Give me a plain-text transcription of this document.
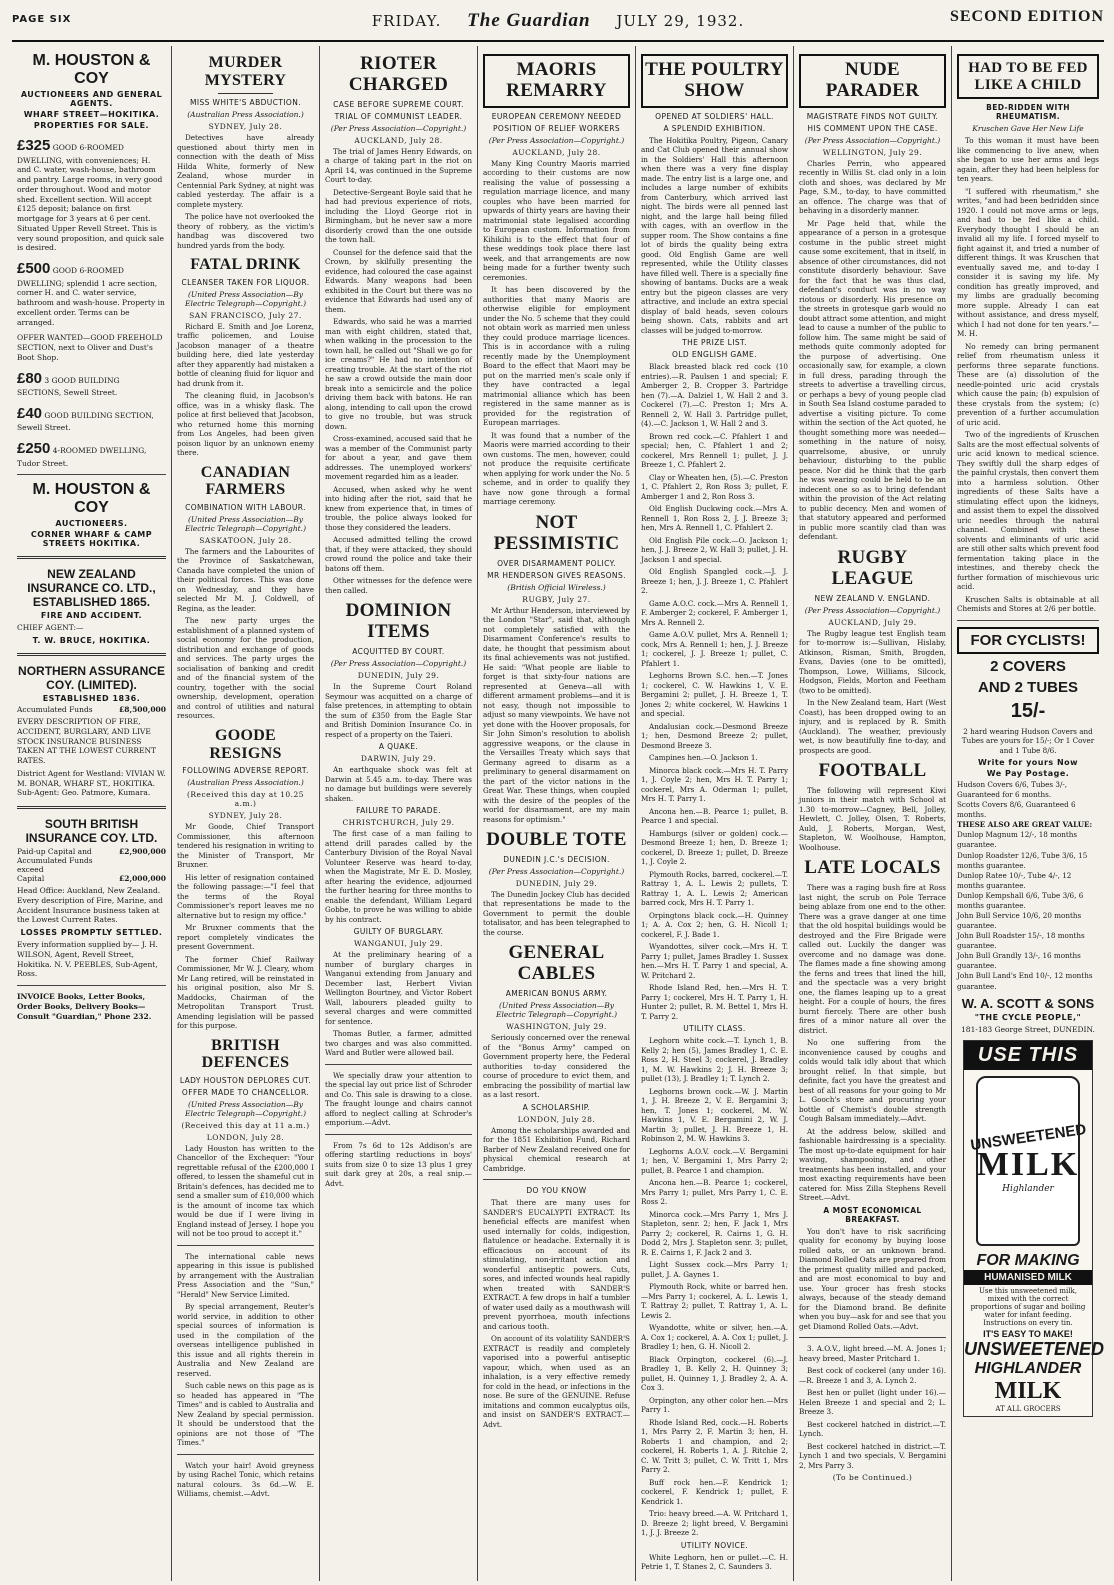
PAGE SIX	FRIDAY. The Guardian JULY 29, 1932.	SECOND EDITION
M. HOUSTON & COY
AUCTIONEERS AND GENERAL AGENTS.
WHARF STREET—HOKITIKA.
PROPERTIES FOR SALE.
£325 GOOD 6-ROOMED DWELLING, with conveniences; H. and C. water, wash-house, bathroom and pantry. Large rooms, in very good order throughout. Wood and motor shed. Excellent section. Will accept £125 deposit; balance on first mortgage for 3 years at 6 per cent. Situated Upper Revell Street. This is very sound proposition, and quick sale is desired.
£500 GOOD 6-ROOMED DWELLING; splendid 1 acre section, corner H. and C. water service, bathroom and wash-house. Property in excellent order. Terms can be arranged.
OFFER WANTED—GOOD FREEHOLD SECTION, next to Oliver and Dust's Boot Shop.
£80 3 GOOD BUILDING SECTIONS, Sewell Street.
£40 GOOD BUILDING SECTION, Sewell Street.
£250 4-ROOMED DWELLING, Tudor Street.
M. HOUSTON & COY
AUCTIONEERS.
CORNER WHARF & CAMP STREETS HOKITIKA.
NEW ZEALAND INSURANCE CO. LTD., ESTABLISHED 1865.
FIRE AND ACCIDENT.
CHIEF AGENT:—
T. W. BRUCE, HOKITIKA.
NORTHERN ASSURANCE COY. (LIMITED).
ESTABLISHED 1836.
Accumulated Funds	£8,500,000
EVERY DESCRIPTION OF FIRE, ACCIDENT, BURGLARY, AND LIVE STOCK INSURANCE BUSINESS TAKEN AT THE LOWEST CURRENT RATES.
District Agent for Westland: VIVIAN W. M. BONAR, WHARF ST., HOKITIKA. Sub-Agent: Geo. Patmore, Kumara.
SOUTH BRITISH INSURANCE COY. LTD.
Paid-up Capital and Accumulated Funds exceed
£2,900,000
Capital	£2,000,000
Head Office: Auckland, New Zealand. Every description of Fire, Marine, and Accident Insurance business taken at the Lowest Current Rates.
LOSSES PROMPTLY SETTLED.
Every information supplied by— J. H. WILSON, Agent, Revell Street, Hokitika. N. V. PEEBLES, Sub-Agent, Ross.
INVOICE Books, Letter Books, Order Books, Delivery Books—Consult "Guardian," Phone 232.
MURDER MYSTERY
MISS WHITE'S ABDUCTION.
(Australian Press Association.)
SYDNEY, July 28.

Detectives have already questioned about thirty men in connection with the death of Miss Hilda White, formerly of New Zealand, whose murder in Centennial Park Sydney, at night was cabled yesterday. The affair is a complete mystery.

The police have not overlooked the theory of robbery, as the victim's handbag was discovered two hundred yards from the body.

FATAL DRINK
CLEANSER TAKEN FOR LIQUOR.
(United Press Association—By Electric Telegraph—Copyright.)
SAN FRANCISCO, July 27.

Richard E. Smith and Joe Lorenz, traffic policemen, and Louise Jacobson manager of a theatre building here, died late yesterday after they apparently had mistaken a bottle of cleaning fluid for liquor and had drunk from it.

The cleaning fluid, in Jacobson's office, was in a whisky flask. The police at first believed that Jacobson, who returned home this morning from Los Angeles, had been given poison liquor by an unknown enemy there.

CANADIAN FARMERS
COMBINATION WITH LABOUR.
(United Press Association—By Electric Telegraph—Copyright.)
SASKATOON, July 28.

The farmers and the Labourites of the Province of Saskatchewan, Canada have completed the union of their political forces. This was done on Wednesday, and they have selected Mr M. J. Coldwell, of Regina, as the leader.

The new party urges the establishment of a planned system of social economy for the production, distribution and exchange of goods and services. The party urges the socialisation of banking and credit and of the financial system of the country, together with the social ownership, development, operation and control of utilities and natural resources.

GOODE RESIGNS
FOLLOWING ADVERSE REPORT.
(Australian Press Association.)
(Received this day at 10.25 a.m.)
SYDNEY, July 28.

Mr Goode, Chief Transport Commissioner, this afternoon tendered his resignation in writing to the Minister of Transport, Mr Bruxner.

His letter of resignation contained the following passage:—"I feel that the terms of the Royal Commissioner's report leaves me no alternative but to resign my office."

Mr Bruxner comments that the report completely vindicates the present Government.

The former Chief Railway Commissioner, Mr W. J. Cleary, whom Mr Lang retired, will be reinstated in his original position, also Mr S. Maddocks, Chairman of the Metropolitan Transport Trust. Amending legislation will be passed for this purpose.

BRITISH DEFENCES
LADY HOUSTON DEPLORES CUT.
OFFER MADE TO CHANCELLOR.
(United Press Association—By Electric Telegraph—Copyright.)
(Received this day at 11 a.m.)
LONDON, July 28.

Lady Houston has written to the Chancellor of the Exchequer: "Your regrettable refusal of the £200,000 I offered, to lessen the shameful cut in Britain's defences, has decided me to send a smaller sum of £10,000 which is the amount of income tax which would be due if I were living in England instead of Jersey. I hope you will not be too proud to accept it."

The international cable news appearing in this issue is published by arrangement with the Australian Press Association and the "Sun," "Herald" New Service Limited.

By special arrangement, Reuter's world service, in addition to other special sources of information is used in the compilation of the overseas intelligence published in this issue and all rights therein in Australia and New Zealand are reserved.

Such cable news on this page as is so headed has appeared in "The Times" and is cabled to Australia and New Zealand by special permission. It should be understood that the opinions are not those of "The Times."

Watch your hair! Avoid greyness by using Rachel Tonic, which retains natural colours. 3s 6d.—W. E. Williams, chemist.—Advt.

RIOTER CHARGED
CASE BEFORE SUPREME COURT.
TRIAL OF COMMUNIST LEADER.
(Per Press Association—Copyright.)
AUCKLAND, July 28.

The trial of James Henry Edwards, on a charge of taking part in the riot on April 14, was continued in the Supreme Court to-day.

Detective-Sergeant Boyle said that he had had previous experience of riots, including the Lloyd George riot in Birmingham, but he never saw a more disorderly crowd than the one outside the town hall.

Counsel for the defence said that the Crown, by skilfully presenting the evidence, had coloured the case against Edwards. Many weapons had been exhibited in the Court but there was no evidence that Edwards had used any of them.

Edwards, who said he was a married man with eight children, stated that, when walking in the procession to the town hall, he called out "Shall we go for ice creams?" He had no intention of creating trouble. At the start of the riot he saw a crowd outside the main door break into a semicircle and the police driving them back with batons. He ran along, intending to call upon the crowd to give no trouble, but was struck down.

Cross-examined, accused said that he was a member of the Communist party for about a year, and gave them addresses. The unemployed workers' movement regarded him as a leader.

Accused, when asked why he went into hiding after the riot, said that he knew from experience that, in times of trouble, the police always looked for those they considered the leaders.

Accused admitted telling the crowd that, if they were attacked, they should crowd round the police and take their batons off them.

Other witnesses for the defence were then called.

DOMINION ITEMS
ACQUITTED BY COURT.
(Per Press Association—Copyright.)
DUNEDIN, July 29.

In the Supreme Court Roland Seymour was acquitted on a charge of false pretences, in attempting to obtain the sum of £350 from the Eagle Star and British Dominion Insurance Co. in respect of a property on the Taieri.

A QUAKE.
DARWIN, July 29.

An earthquake shock was felt at Darwin at 5.45 a.m. to-day. There was no damage but buildings were severely shaken.

FAILURE TO PARADE.
CHRISTCHURCH, July 29.

The first case of a man failing to attend drill parades called by the Canterbury Division of the Royal Naval Volunteer Reserve was heard to-day, when the Magistrate, Mr E. D. Mosley, after hearing the evidence, adjourned the further hearing for three months to enable the defendant, William Legard Gobbe, to prove he was willing to abide by his contract.

GUILTY OF BURGLARY.
WANGANUI, July 29.

At the preliminary hearing of a number of burglary charges in Wanganui extending from January and December last, Herbert Vivian Wellington Bourtney, and Victor Robert Wall, labourers pleaded guilty to several charges and were committed for sentence.

Thomas Butler, a farmer, admitted two charges and was also committed. Ward and Butler were allowed bail.

We specially draw your attention to the special lay out price list of Schroder and Co. This sale is drawing to a close. The fraught lounge and chairs cannot afford to neglect calling at Schroder's emporium.—Advt.

From 7s 6d to 12s Addison's are offering startling reductions in boys' suits from size 0 to size 13 plus 1 grey suit dark grey at 20s, a real snip.—Advt.

MAORIS REMARRY
EUROPEAN CEREMONY NEEDED
POSITION OF RELIEF WORKERS
(Per Press Association—Copyright.)
AUCKLAND, July 28.

Many King Country Maoris married according to their customs are now realising the value of possessing a regulation marriage licence, and many couples who have been married for upwards of thirty years are having their matrimonial state legalised according to European custom. Information from Kihikihi is to the effect that four of these weddings took place there last week, and that arrangements are now being made for a further twenty such ceremonies.

It has been discovered by the authorities that many Maoris are otherwise eligible for employment under the No. 5 scheme that they could not obtain work as married men unless they could produce marriage licences. This is in accordance with a ruling recently made by the Unemployment Board to the effect that Maori may be put on the married men's scale only if they have contracted a legal matrimonial alliance which has been registered in the same manner as is provided for the registration of European marriages.

It was found that a number of the Maoris were married according to their own customs. The men, however, could not produce the requisite certificate when applying for work under the No. 5 scheme, and in order to qualify they have now gone through a formal marriage ceremony.

NOT PESSIMISTIC
OVER DISARMAMENT POLICY.
MR HENDERSON GIVES REASONS.
(British Official Wireless.)
RUGBY, July 27.

Mr Arthur Henderson, interviewed by the London "Star", said that, although not completely satisfied with the Disarmament Conference's results to date, he thought that pessimism about its final achievements was not justified. He said: "What people are liable to forget is that sixty-four nations are represented at Geneva—all with different armament problems—and it is not easy, though not impossible to adjust so many viewpoints. We have not yet done with the Hoover proposals, for Sir John Simon's resolution to abolish aggressive weapons, or the clause in the Versailles Treaty which says that Germany agreed to disarm as a preliminary to general disarmament on the part of the victor nations in the Great War. These things, when coupled with the desire of the peoples of the world for disarmament, are my main reasons for optimism."

DOUBLE TOTE
DUNEDIN J.C.'s DECISION.
(Per Press Association—Copyright.)
DUNEDIN, July 29.

The Dunedin Jockey Club has decided that representations be made to the Government to permit the double totalisator, and has been telegraphed to the course.

GENERAL CABLES
AMERICAN BONUS ARMY.
(United Press Association—By Electric Telegraph—Copyright.)
WASHINGTON, July 29.

Seriously concerned over the renewal of the "Bonus Army" camped on Government property here, the Federal authorities to-day considered the course of procedure to evict them, and embracing the possibility of martial law as a last resort.

A SCHOLARSHIP.
LONDON, July 28.

Among the scholarships awarded and for the 1851 Exhibition Fund, Richard Barber of New Zealand received one for physical chemical research at Cambridge.

DO YOU KNOW

That there are many uses for SANDER'S EUCALYPTI EXTRACT. Its beneficial effects are manifest when used internally for colds, indigestion, flatulence or headache. Externally it is efficacious on account of its stimulating, non-irritant action and wonderful antiseptic powers. Cuts, sores, and infected wounds heal rapidly when treated with SANDER'S EXTRACT. A few drops in half a tumbler of water used daily as a mouthwash will prevent pyorrhoea, mouth infections and carious tooth.

On account of its volatility SANDER'S EXTRACT is readily and completely vaporised into a powerful antiseptic vapour, which, when used as an inhalation, is a very effective remedy for cold in the head, or infections in the nose. Be sure of the GENUINE. Refuse imitations and common eucalyptus oils, and insist on SANDER'S EXTRACT.—Advt.

THE POULTRY SHOW
OPENED AT SOLDIERS' HALL.
A SPLENDID EXHIBITION.

The Hokitika Poultry, Pigeon, Canary and Cat Club opened their annual show in the Soldiers' Hall this afternoon when there was a very fine display made. The entry list is a large one, and includes a large number of exhibits from Canterbury, which arrived last night. The birds were all penned last night, and the large hall being filled with cages, with an overflow in the supper room. The Show contains a fine lot of birds the quality being extra good. Old English Game are well represented, while the Utility classes have filled well. There is a specially fine showing of bantams. Ducks are a weak entry but the pigeon classes are very attractive, and include an extra special display of bald heads, seven colours being shown. Cats, rabbits and art classes will be judged to-morrow.

THE PRIZE LIST.
OLD ENGLISH GAME.

Black breasted black red cock (10 entries).—R. Paulsen 1 and special; F. Amberger 2, B. Cropper 3. Partridge hen (7).—A. Dalziel 1, W. Hall 2 and 3. Cockerel (7).—C. Preston 1; Mrs A. Rennell 2, W. Hall 3. Partridge pullet, (4).—C. Jackson 1, W. Hall 2 and 3.

Brown red cock.—C. Pfahlert 1 and special; hen, C. Pfahlert 1 and 2; cockerel, Mrs Rennell 1; pullet, J. J. Breeze 1, C. Pfahlert 2.

Clay or Wheaten hen, (5).—C. Preston 1, C. Pfahlert 2, Ron Ross 3; pullet, F. Amberger 1 and 2, Ron Ross 3.

Old English Duckwing cock.—Mrs A. Rennell 1, Ron Ross 2, J. J. Breeze 3; hen, Mrs A. Rennell 1, C. Pfahlert 2.

Old English Pile cock.—O. Jackson 1; hen, J. J. Breeze 2, W. Hall 3; pullet, J. H. Jackson 1 and special.

Old English Spangled cock.—J. J. Breeze 1; hen, J. J. Breeze 1, C. Pfahlert 2.

Game A.O.C. cock.—Mrs A. Rennell 1, F. Amberger 2; cockerel, F. Amberger 1, Mrs A. Rennell 2.

Game A.O.V. pullet, Mrs A. Rennell 1; cock, Mrs A. Rennell 1; hen, J. J. Breeze 1; cockerel, J. J. Breeze 1; pullet, C. Pfahlert 1.

Leghorns Brown S.C. hen.—T. Jones 1; cockerel, C. W. Hawkins 1, V. E. Bergamini 2; pullet, J. H. Breeze 1, T. Jones 2; white cockerel, W. Hawkins 1 and special.

Andalusian cock.—Desmond Breeze 1; hen, Desmond Breeze 2; pullet, Desmond Breeze 3.

Campines hen.—O. Jackson 1.

Minorca black cock.—Mrs H. T. Parry 1, J. Coyle 2; hen, Mrs H. T. Parry 1; cockerel, Mrs A. Oderman 1; pullet, Mrs H. T. Parry 1.

Ancona hen.—B. Pearce 1; pullet, B. Pearce 1 and special.

Hamburgs (silver or golden) cock.—Desmond Breeze 1; hen, D. Breeze 1; cockerel, D. Breeze 1; pullet, D. Breeze 1, J. Coyle 2.

Plymouth Rocks, barred, cockerel.—T. Rattray 1, A. L. Lewis 2; pullets, T. Rattray 1, A. L. Lewis 2; American barred cock, Mrs H. T. Parry 1.

Orpingtons black cock.—H. Quinney 1; A. A. Cox 2; hen, G. H. Nicoll 1; cockerel, F. J. Bade 1.

Wyandottes, silver cock.—Mrs H. T. Parry 1; pullet, James Bradley 1. Sussex hen.—Mrs H. T. Parry 1 and special, A. W. Pritchard 2.

Rhode Island Red, hen.—Mrs H. T. Parry 1; cockerel, Mrs H. T. Parry 1, H. Hunter 2; pullet, R. M. Bettel 1, Mrs H. T. Parry 2.

UTILITY CLASS.

Leghorn white cock.—T. Lynch 1, B. Kelly 2; hen (5), James Bradley 1, C. E. Ross 2, H. Steel 3; cockerel, J. Bradley 1, M. W. Hawkins 2; J. H. Breeze 3; pullet (13), J. Bradley 1; T. Lynch 2.

Leghorns brown cock.—W. J. Martin 1, J. H. Breeze 2, V. E. Bergamini 3; hen, T. Jones 1; cockerel, M. W. Hawkins 1, V. E. Bergamini 2, W. J. Martin 3; pullet, J. H. Breeze 1, H. Robinson 2, M. W. Hawkins 3.

Leghorns A.O.V. cock.—V. Bergamini 1; hen, V. Bergamini 1, Mrs Parry 2; pullet, B. Pearce 1 and champion.

Ancona hen.—B. Pearce 1; cockerel, Mrs Parry 1; pullet, Mrs Parry 1, C. E. Ross 2.

Minorca cock.—Mrs Parry 1, Mrs J. Stapleton, senr. 2; hen, F. Jack 1, Mrs Parry 2; cockerel, R. Cairns 1, G. H. Dodd 2, Mrs J. Stapleton senr. 3; pullet, R. E. Cairns 1, F. Jack 2 and 3.

Light Sussex cock.—Mrs Parry 1; pullet, J. A. Gaynes 1.

Plymouth Rock, white or barred hen.—Mrs Parry 1; cockerel, A. L. Lewis 1, T. Rattray 2; pullet, T. Rattray 1, A. L. Lewis 2.

Wyandotte, white or silver, hen.—A. A. Cox 1; cockerel, A. A. Cox 1; pullet, J. Bradley 1; hen, G. H. Nicoll 2.

Black Orpington, cockerel (6).—J. Bradley 1, B. Kelly 2, H. Quinney 3; pullet, H. Quinney 1, J. Bradley 2, A. A. Cox 3.

Orpington, any other color hen.—Mrs Parry 1.

Rhode Island Red, cock.—H. Roberts 1, Mrs Parry 2, F. Martin 3; hen, H. Roberts 1 and champion, and 2; cockerel, H. Roberts 1, A. J. Ritchie 2, C. W. Tritt 3; pullet, C. W. Tritt 1, Mrs Parry 2.

Buff rock hen.—F. Kendrick 1; cockerel, F. Kendrick 1; pullet, F. Kendrick 1.

Trio: heavy breed.—A. W. Pritchard 1, D. Breeze 2; light breed, V. Bergamini 1, J. J. Breeze 2.

UTILITY NOVICE.

White Leghorn, hen or pullet.—C. H. Petrie 1, T. Stanes 2, C. Saunders 3.

NUDE PARADER
MAGISTRATE FINDS NOT GUILTY.
HIS COMMENT UPON THE CASE.
(Per Press Association—Copyright.)
WELLINGTON, July 29.

Charles Perrin, who appeared recently in Willis St. clad only in a loin cloth and shoes, was declared by Mr Page, S.M., to-day, to have committed an offence. The charge was that of behaving in a disorderly manner.

Mr Page held that, while the appearance of a person in a grotesque costume in the public street might cause some excitement, that in itself, in absence of other circumstances, did not constitute disorderly behaviour. Save for the fact that he was thus clad, defendant's conduct was in no way riotous or disorderly. His presence on the streets in grotesque garb would no doubt attract some attention, and might lead to cause a number of the public to follow him. The same might be said of methods quite commonly adopted for the purpose of advertising. One occasionally saw, for example, a clown in full dress, parading through the streets to advertise a travelling circus, or perhaps a bevy of young people clad in South Sea Island costume paraded to advertise a visiting picture. To come within the section of the Act quoted, he thought something more was needed—something in the nature of noisy, quarrelsome, abusive, or unruly behaviour, disturbing to the public peace. Nor did he think that the garb he was wearing could be held to be an indecent one so as to bring defendant within the provision of the Act relating to public decency. Men and women of that statutory appeared and performed in public more scantily clad than was defendant.

RUGBY LEAGUE
NEW ZEALAND V. ENGLAND.
(Per Press Association—Copyright.)
AUCKLAND, July 29.

The Rugby league test English team for to-morrow is:—Sullivan, Hislaby, Atkinson, Risman, Smith, Brogden, Evans, Davies (one to be omitted), Thompson, Lowe, Williams, Silcock, Hodgson, Fields, Morton and Feetham (two to be omitted).

In the New Zealand team, Hart (West Coast), has been dropped owing to an injury, and is replaced by R. Smith (Auckland). The weather, previously wet, is now beautifully fine to-day, and prospects are good.

FOOTBALL

The following will represent Kiwi juniors in their match with School at 1.30 to-morrow—Cagney, Bell, Jolley, Hewlett, C. Jolley, Olsen, T. Roberts, Auld, J. Roberts, Morgan, West, Stapleton, W. Woolhouse, Hampton, Woolhouse.

LATE LOCALS

There was a raging bush fire at Ross last night, the scrub on Pole Terrace being ablaze from one end to the other. There was a grave danger at one time that the old hospital buildings would be destroyed and the Fire Brigade were called out. Luckily the danger was overcome and no damage was done. The flames made a fine showing among the ferns and trees that lined the hill, and the spectacle was a very bright one, the flames leaping up to a great height. For a couple of hours, the fires burnt fiercely. There are other bush fires of a minor nature all over the district.

No one suffering from the inconvenience caused by coughs and colds would talk idly about that which brought relief. In that simple, but definite, fact you have the greatest and best of all reasons for your going to Mr L. Gooch's store and procuring your bottle of Chemist's double strength Cough Balsam immediately.—Advt.

At the address below, skilled and fashionable hairdressing is a speciality. The most up-to-date equipment for hair waving, shampooing, and other treatments has been installed, and your most exacting requirements have been catered for. Miss Zilla Stephens Revell Street.—Advt.

A MOST ECONOMICAL BREAKFAST.

You don't have to risk sacrificing quality for economy by buying loose rolled oats, or an unknown brand. Diamond Rolled Oats are prepared from the primest quality milled and packed, and are most economical to buy and use. Your grocer has fresh stocks always, because of the steady demand for the Diamond brand. Be definite when you buy—ask for and see that you get Diamond Rolled Oats.—Advt.

3. A.O.V., light breed.—M. A. Jones 1; heavy breed, Master Pritchard 1.

Best cock of cockerel (any under 16). —R. Breeze 1 and 3, A. Lynch 2.

Best hen or pullet (light under 16).—Helen Breeze 1 and special and 2; L. Breeze 3.

Best cockerel hatched in district.—T. Lynch.

Best cockerel hatched in district.—T. Lynch 1 and two specials, V. Bergamini 2, Mrs Parry 3.

(To be Continued.)
HAD TO BE FED LIKE A CHILD
BED-RIDDEN WITH RHEUMATISM.
Kruschen Gave Her New Life

To this woman it must have been like commencing to live anew, when she began to use her arms and legs again, after they had been helpless for ten years.

"I suffered with rheumatism," she writes, "and had been bedridden since 1920. I could not move arms or legs, and had to be fed like a child. Everybody thought I should be an invalid all my life. I forced myself to fight against it, and tried a number of different things. It was Kruschen that eventually saved me, and to-day I consider it is saving my life. My condition has greatly improved, and my limbs are gradually becoming more supple. Already I can eat without assistance, and dress myself, which I had not done for ten years."—M. H.

No remedy can bring permanent relief from rheumatism unless it performs three separate functions. These are (a) dissolution of the needle-pointed uric acid crystals which cause the pain; (b) expulsion of these crystals from the system; (c) prevention of a further accumulation of uric acid.

Two of the ingredients of Kruschen Salts are the most effectual solvents of uric acid known to medical science. They swiftly dull the sharp edges of the painful crystals, then convert them into a harmless solution. Other ingredients of these Salts have a stimulating effect upon the kidneys, and assist them to expel the dissolved uric needles through the natural channel. Combined with these solvents and eliminants of uric acid are still other salts which prevent food fermentation taking place in the intestines, and thereby check the further formation of mischievous uric acid.

Kruschen Salts is obtainable at all Chemists and Stores at 2/6 per bottle.

FOR CYCLISTS!
2 COVERS
AND 2 TUBES
15/-

2 hard wearing Hudson Covers and Tubes are yours for 15/-; Or 1 Cover and 1 Tube 8/6.

Write for yours Now
We Pay Postage.
Hudson Covers 6/6, Tubes 3/-, Guaranteed for 6 months.
Scotts Covers 8/6, Guaranteed 6 months.
THESE ALSO ARE GREAT VALUE:
Dunlop Magnum 12/-, 18 months guarantee.
Dunlop Roadster 12/6, Tube 3/6, 15 months guarantee.
Dunlop Ratee 10/-, Tube 4/-, 12 months guarantee.
Dunlop Kempshall 6/6, Tube 3/6, 6 months guarantee.
John Bull Service 10/6, 20 months guarantee.
John Bull Roadster 15/-, 18 months guarantee.
John Bull Grandly 13/-, 16 months guarantee.
John Bull Land's End 10/-, 12 months guarantee.
W. A. SCOTT & SONS
"THE CYCLE PEOPLE,"
181-183 George Street, DUNEDIN.
USE THIS
UNSWEETENED
MILK
Highlander
FOR MAKING
HUMANISED MILK
Use this unsweetened milk, mixed with the correct proportions of sugar and boiling water for infant feeding. Instructions on every tin.
IT'S EASY TO MAKE!
UNSWEETENED
HIGHLANDER
MILK
AT ALL GROCERS
